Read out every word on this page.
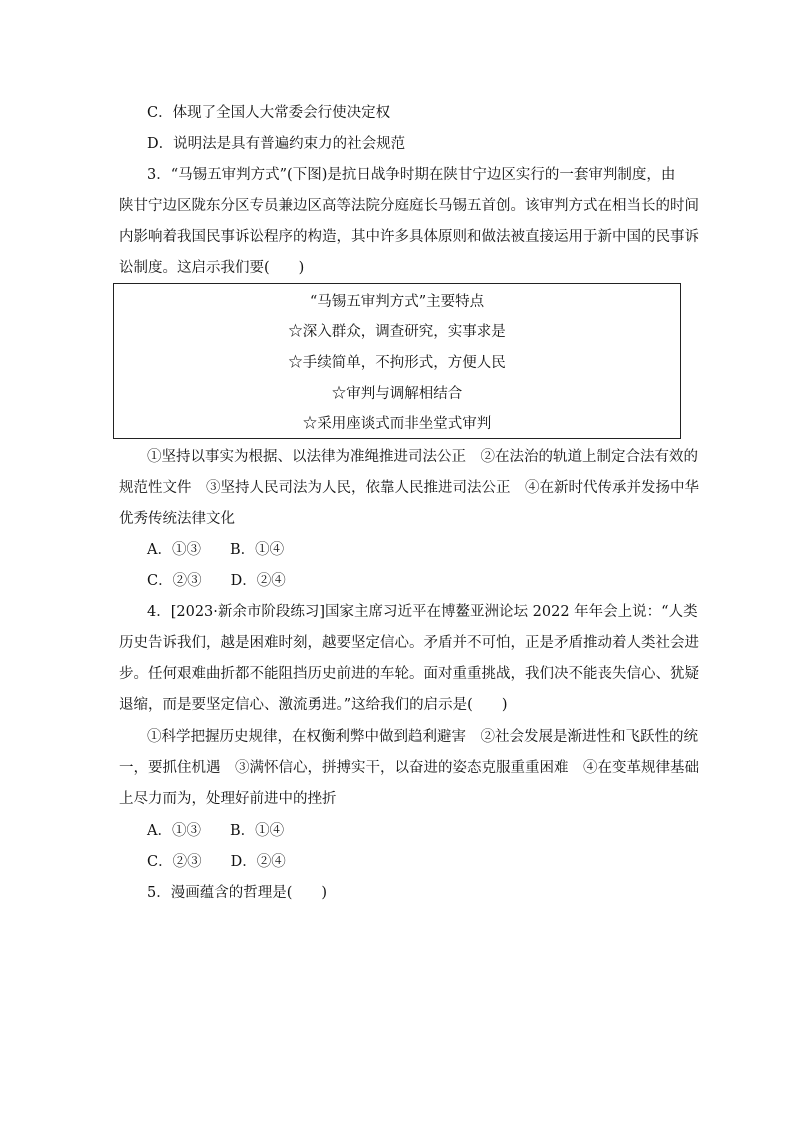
C．体现了全国人大常委会行使决定权
D．说明法是具有普遍约束力的社会规范
3．“马锡五审判方式”(下图)是抗日战争时期在陕甘宁边区实行的一套审判制度，由
陕甘宁边区陇东分区专员兼边区高等法院分庭庭长马锡五首创。该审判方式在相当长的时间
内影响着我国民事诉讼程序的构造，其中许多具体原则和做法被直接运用于新中国的民事诉
讼制度。这启示我们要(　　)
“马锡五审判方式”主要特点
☆深入群众，调查研究，实事求是
☆手续简单，不拘形式，方便人民
☆审判与调解相结合
☆采用座谈式而非坐堂式审判
①坚持以事实为根据、以法律为准绳推进司法公正　②在法治的轨道上制定合法有效的
规范性文件　③坚持人民司法为人民，依靠人民推进司法公正　④在新时代传承并发扬中华
优秀传统法律文化
A．①③　　B．①④
C．②③　　D．②④
4．[2023·新余市阶段练习]国家主席习近平在博鳌亚洲论坛 2022 年年会上说：“人类
历史告诉我们，越是困难时刻，越要坚定信心。矛盾并不可怕，正是矛盾推动着人类社会进
步。任何艰难曲折都不能阻挡历史前进的车轮。面对重重挑战，我们决不能丧失信心、犹疑
退缩，而是要坚定信心、激流勇进。”这给我们的启示是(　　)
①科学把握历史规律，在权衡利弊中做到趋利避害　②社会发展是渐进性和飞跃性的统
一，要抓住机遇　③满怀信心，拼搏实干，以奋进的姿态克服重重困难　④在变革规律基础
上尽力而为，处理好前进中的挫折
A．①③　　B．①④
C．②③　　D．②④
5．漫画蕴含的哲理是(　　)
